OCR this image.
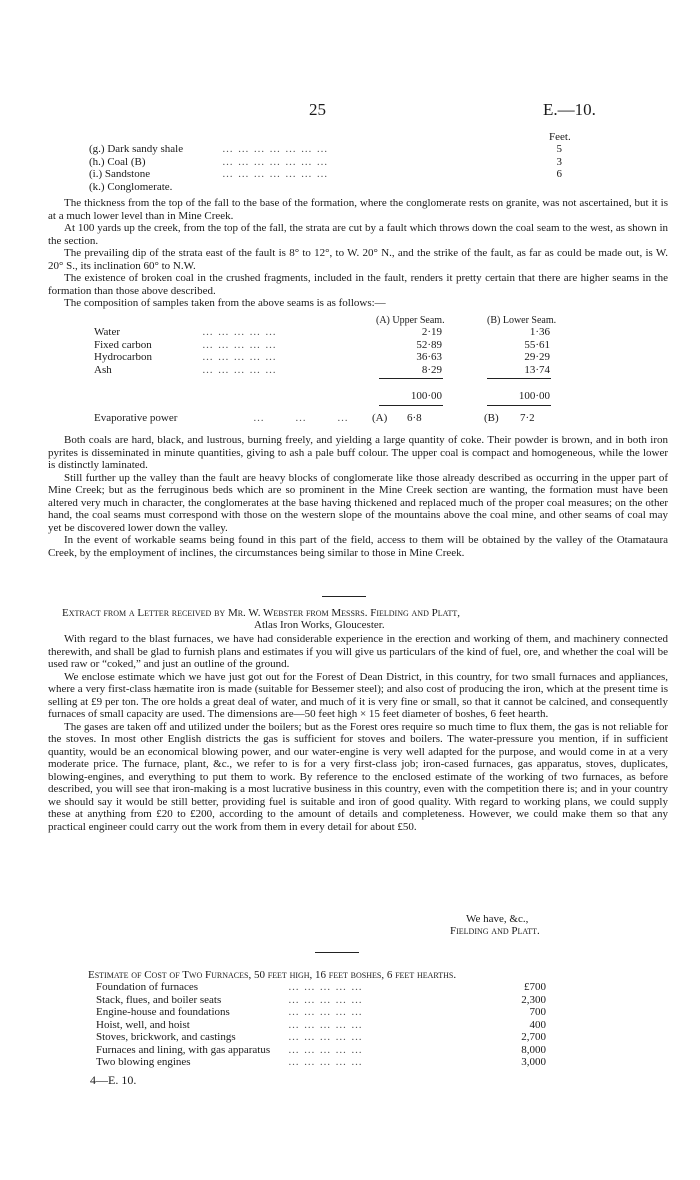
25	E.—10.
Feet.
(g.) Dark sandy shale	… … … … … … …	5
(h.) Coal (B)	… … … … … … …	3
(i.) Sandstone	… … … … … … …	6
(k.) Conglomerate.

The thickness from the top of the fall to the base of the formation, where the conglomerate rests on granite, was not ascertained, but it is at a much lower level than in Mine Creek.

At 100 yards up the creek, from the top of the fall, the strata are cut by a fault which throws down the coal seam to the west, as shown in the section.

The prevailing dip of the strata east of the fault is 8° to 12°, to W. 20° N., and the strike of the fault, as far as could be made out, is W. 20° S., its inclination 60° to N.W.

The existence of broken coal in the crushed fragments, included in the fault, renders it pretty certain that there are higher seams in the formation than those above described.

The composition of samples taken from the above seams is as follows:—

(A) Upper Seam.	(B) Lower Seam.
Water	… … … … …	2·19	1·36
Fixed carbon	… … … … …	52·89	55·61
Hydrocarbon	… … … … …	36·63	29·29
Ash	… … … … …	8·29	13·74
100·00	100·00
Evaporative power	…        …        … (A) 6·8	(B) 7·2

Both coals are hard, black, and lustrous, burning freely, and yielding a large quantity of coke. Their powder is brown, and in both iron pyrites is disseminated in minute quantities, giving to ash a pale buff colour. The upper coal is compact and homogeneous, while the lower is distinctly laminated.

Still further up the valley than the fault are heavy blocks of conglomerate like those already described as occurring in the upper part of Mine Creek; but as the ferruginous beds which are so prominent in the Mine Creek section are wanting, the formation must have been altered very much in character, the conglomerates at the base having thickened and replaced much of the proper coal measures; on the other hand, the coal seams must correspond with those on the western slope of the mountains above the coal mine, and other seams of coal may yet be discovered lower down the valley.

In the event of workable seams being found in this part of the field, access to them will be obtained by the valley of the Otamataura Creek, by the employment of inclines, the circumstances being similar to those in Mine Creek.

Extract from a Letter received by Mr. W. Webster from Messrs. Fielding and Platt,
Atlas Iron Works, Gloucester.

With regard to the blast furnaces, we have had considerable experience in the erection and working of them, and machinery connected therewith, and shall be glad to furnish plans and estimates if you will give us particulars of the kind of fuel, ore, and whether the coal will be used raw or “coked,” and just an outline of the ground.

We enclose estimate which we have just got out for the Forest of Dean District, in this country, for two small furnaces and appliances, where a very first-class hæmatite iron is made (suitable for Bessemer steel); and also cost of producing the iron, which at the present time is selling at £9 per ton. The ore holds a great deal of water, and much of it is very fine or small, so that it cannot be calcined, and consequently furnaces of small capacity are used. The dimensions are—50 feet high × 15 feet diameter of boshes, 6 feet hearth.

The gases are taken off and utilized under the boilers; but as the Forest ores require so much time to flux them, the gas is not reliable for the stoves. In most other English districts the gas is sufficient for stoves and boilers. The water-pressure you mention, if in sufficient quantity, would be an economical blowing power, and our water-engine is very well adapted for the purpose, and would come in at a very moderate price. The furnace, plant, &c., we refer to is for a very first-class job; iron-cased furnaces, gas apparatus, stoves, duplicates, blowing-engines, and everything to put them to work. By reference to the enclosed estimate of the working of two furnaces, as before described, you will see that iron-making is a most lucrative business in this country, even with the competition there is; and in your country we should say it would be still better, providing fuel is suitable and iron of good quality. With regard to working plans, we could supply these at anything from £20 to £200, according to the amount of details and completeness. However, we could make them so that any practical engineer could carry out the work from them in every detail for about £50.

We have, &c.,
Fielding and Platt.
Estimate of Cost of Two Furnaces, 50 feet high, 16 feet boshes, 6 feet hearths.
Foundation of furnaces	… … … … …	£700
Stack, flues, and boiler seats	… … … … …	2,300
Engine-house and foundations	… … … … …	700
Hoist, well, and hoist	… … … … …	400
Stoves, brickwork, and castings	… … … … …	2,700
Furnaces and lining, with gas apparatus … … … … …	8,000
Two blowing engines	… … … … …	3,000
4—E. 10.
